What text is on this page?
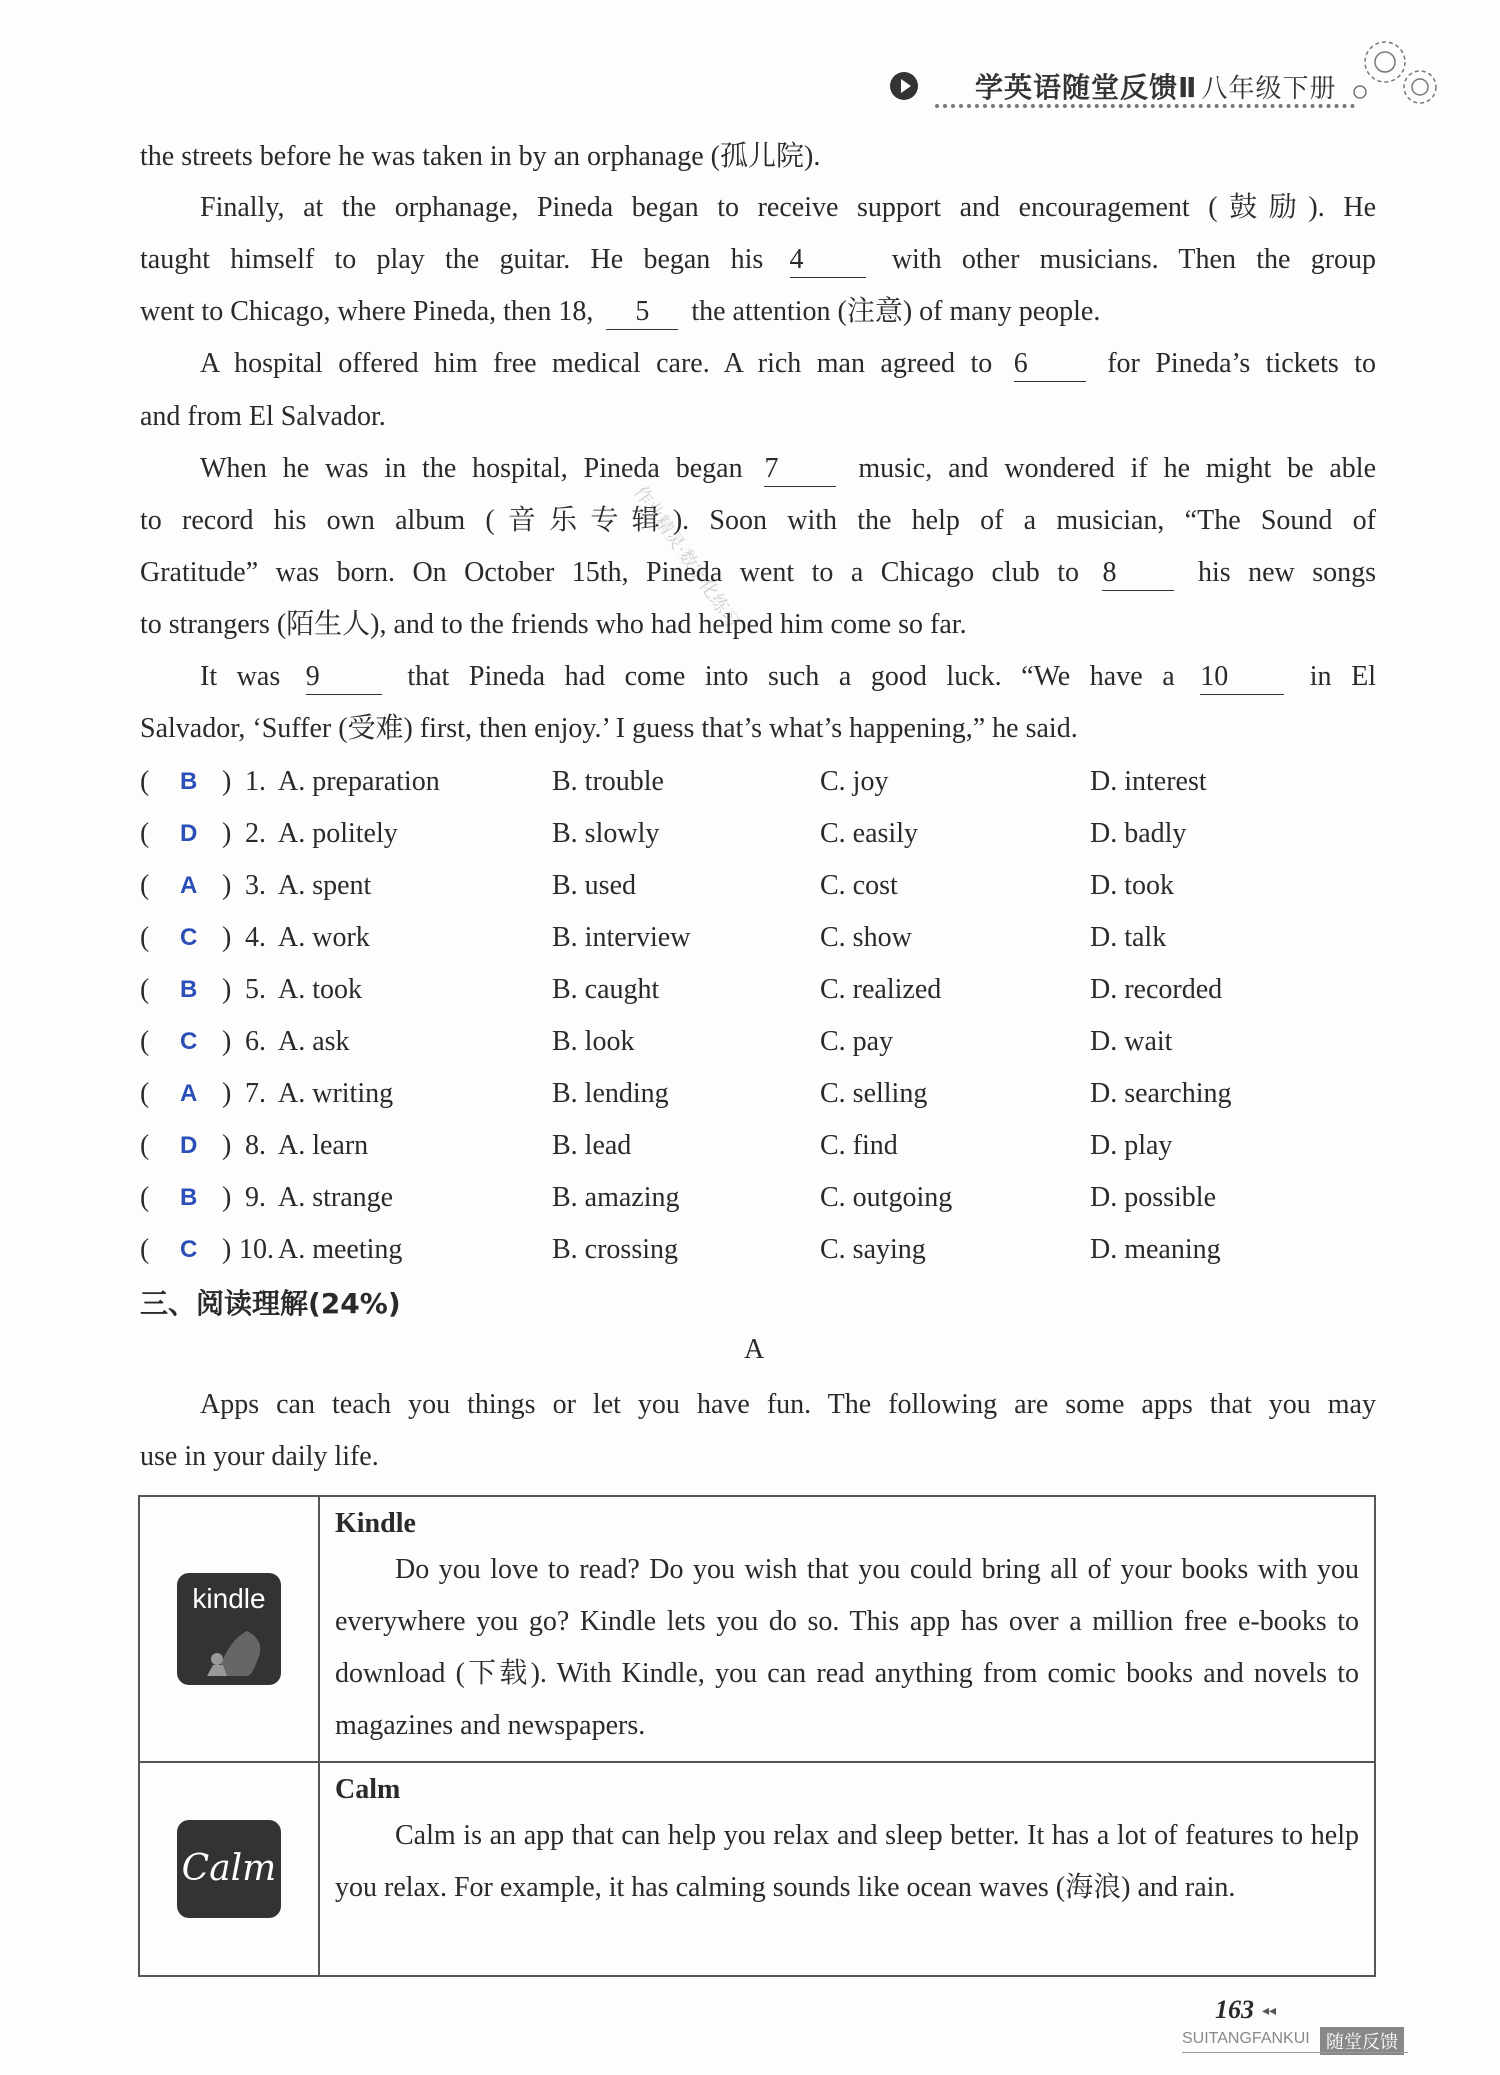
学英语随堂反馈Ⅱ 八年级下册
作业精灵·数字化练习

the streets before he was taken in by an orphanage (孤儿院).

Finally, at the orphanage, Pineda began to receive support and encouragement (鼓励). He

taught himself to play the guitar. He began his 4	with other musicians. Then the group

went to Chicago, where Pineda, then 18, 5 the attention (注意) of many people.

A hospital offered him free medical care. A rich man agreed to 6	for Pineda’s tickets to

and from El Salvador.

When he was in the hospital, Pineda began 7	music, and wondered if he might be able

to record his own album (音乐专辑). Soon with the help of a musician, “The Sound of

Gratitude” was born. On October 15th, Pineda went to a Chicago club to 8	his new songs

to strangers (陌生人), and to the friends who had helped him come so far.

It was 9	that Pineda had come into such a good luck. “We have a 10	in El

Salvador, ‘Suffer (受难) first, then enjoy.’ I guess that’s what’s happening,” he said.

( B ) 1. A. preparation	B. trouble	C. joy	D. interest
( D ) 2. A. politely	B. slowly	C. easily	D. badly
( A ) 3. A. spent	B. used	C. cost	D. took
( C ) 4. A. work	B. interview	C. show	D. talk
( B ) 5. A. took	B. caught	C. realized	D. recorded
( C ) 6. A. ask	B. look	C. pay	D. wait
( A ) 7. A. writing	B. lending	C. selling	D. searching
( D ) 8. A. learn	B. lead	C. find	D. play
( B ) 9. A. strange	B. amazing	C. outgoing	D. possible
( C ) 10. A. meeting	B. crossing	C. saying	D. meaning
三、阅读理解(24%)
A

Apps can teach you things or let you have fun. The following are some apps that you may

use in your daily life.

kindle	Kindle
Do you love to read? Do you wish that you could bring all of your books with you everywhere you go? Kindle lets you do so. This app has over a million free e-books to download (下载). With Kindle, you can read anything from comic books and novels to magazines and newspapers.

Calm	Calm
Calm is an app that can help you relax and sleep better. It has a lot of features to help you relax. For example, it has calming sounds like ocean waves (海浪) and rain.
163 ◂◂
SUITANGFANKUI 随堂反馈
